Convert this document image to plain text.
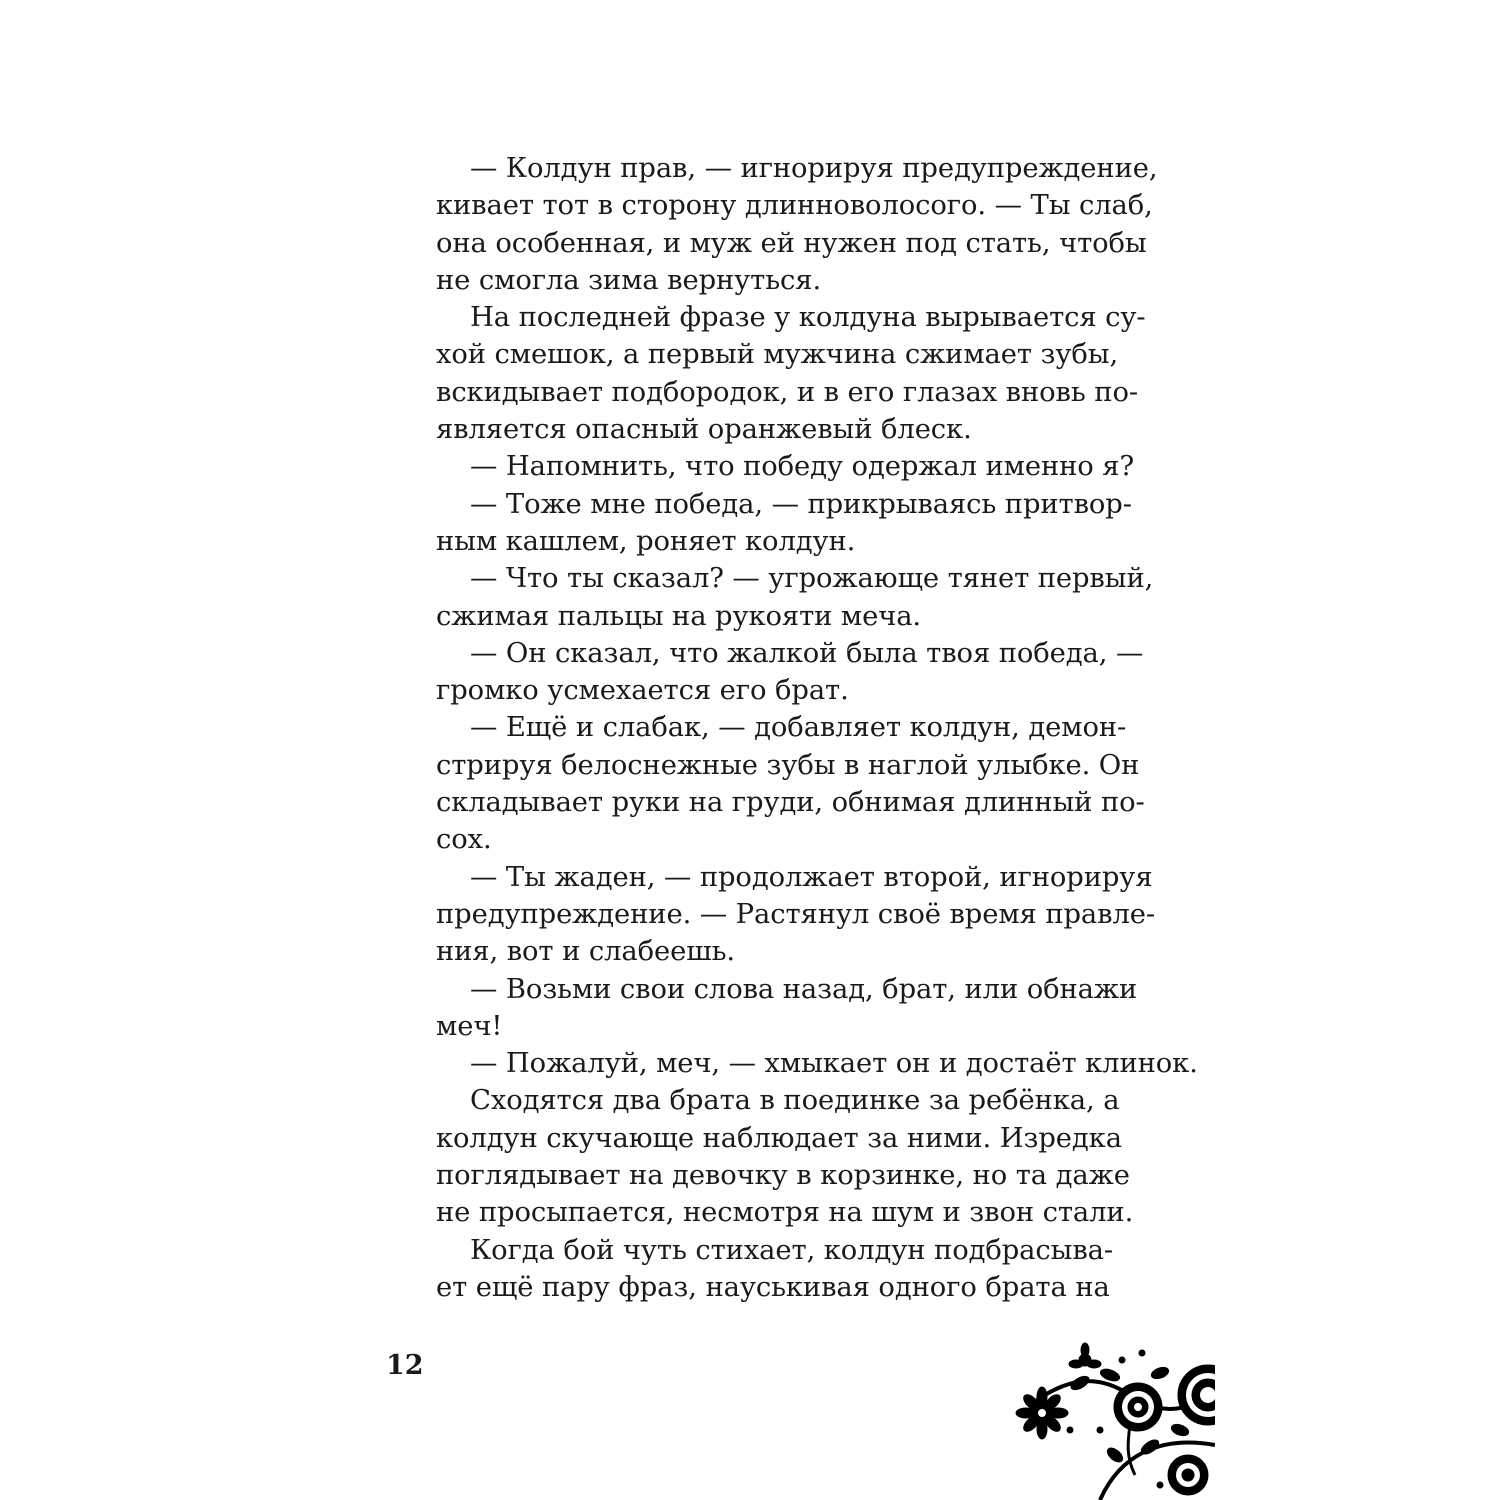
— Колдун прав, — игнорируя предупреждение,
кивает тот в сторону длинноволосого. — Ты слаб,
она особенная, и муж ей нужен под стать, чтобы
не смогла зима вернуться.
На последней фразе у колдуна вырывается су-
хой смешок, а первый мужчина сжимает зубы,
вскидывает подбородок, и в его глазах вновь по-
является опасный оранжевый блеск.
— Напомнить, что победу одержал именно я?
— Тоже мне победа, — прикрываясь притвор-
ным кашлем, роняет колдун.
— Что ты сказал? — угрожающе тянет первый,
сжимая пальцы на рукояти меча.
— Он сказал, что жалкой была твоя победа, —
громко усмехается его брат.
— Ещё и слабак, — добавляет колдун, демон-
стрируя белоснежные зубы в наглой улыбке. Он
складывает руки на груди, обнимая длинный по-
сох.
— Ты жаден, — продолжает второй, игнорируя
предупреждение. — Растянул своё время правле-
ния, вот и слабеешь.
— Возьми свои слова назад, брат, или обнажи
меч!
— Пожалуй, меч, — хмыкает он и достаёт клинок.
Сходятся два брата в поединке за ребёнка, а
колдун скучающе наблюдает за ними. Изредка
поглядывает на девочку в корзинке, но та даже
не просыпается, несмотря на шум и звон стали.
Когда бой чуть стихает, колдун подбрасыва-
ет ещё пару фраз, науськивая одного брата на
12
